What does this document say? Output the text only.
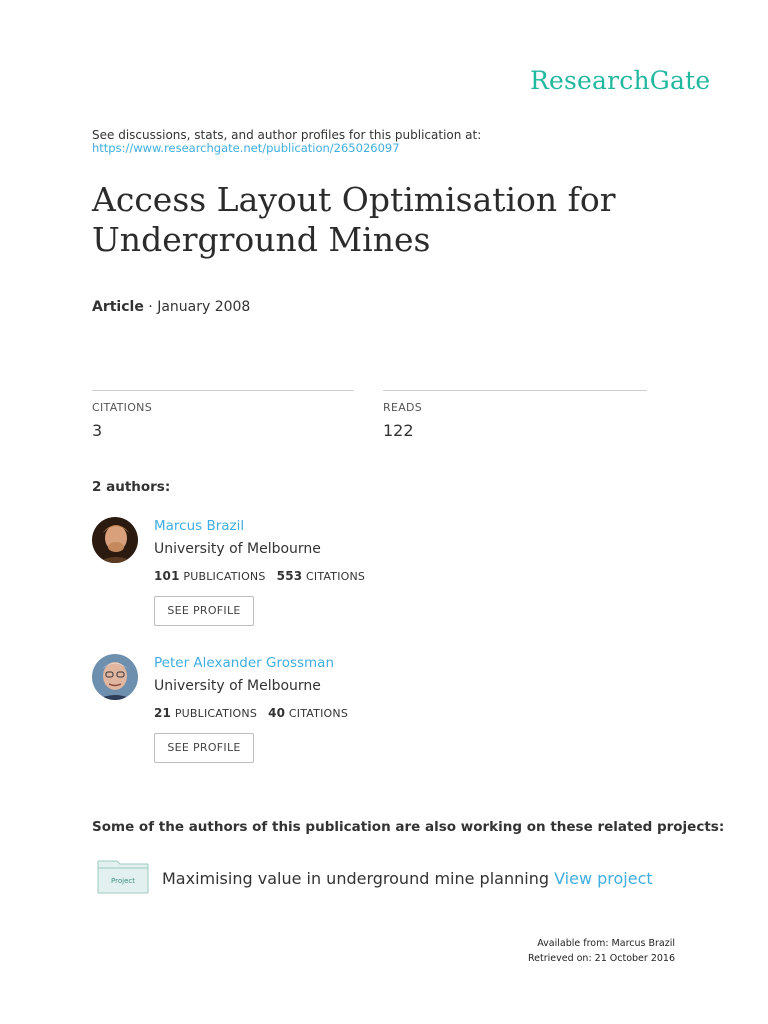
ResearchGate
See discussions, stats, and author profiles for this publication at:
https://www.researchgate.net/publication/265026097
Access Layout Optimisation for Underground Mines
Article · January 2008
CITATIONS
3
READS
122
2 authors:
Marcus Brazil
University of Melbourne
101 PUBLICATIONS 553 CITATIONS
SEE PROFILE
Peter Alexander Grossman
University of Melbourne
21 PUBLICATIONS 40 CITATIONS
SEE PROFILE
Some of the authors of this publication are also working on these related projects:
Project Maximising value in underground mine planning View project
Available from: Marcus Brazil
Retrieved on: 21 October 2016
